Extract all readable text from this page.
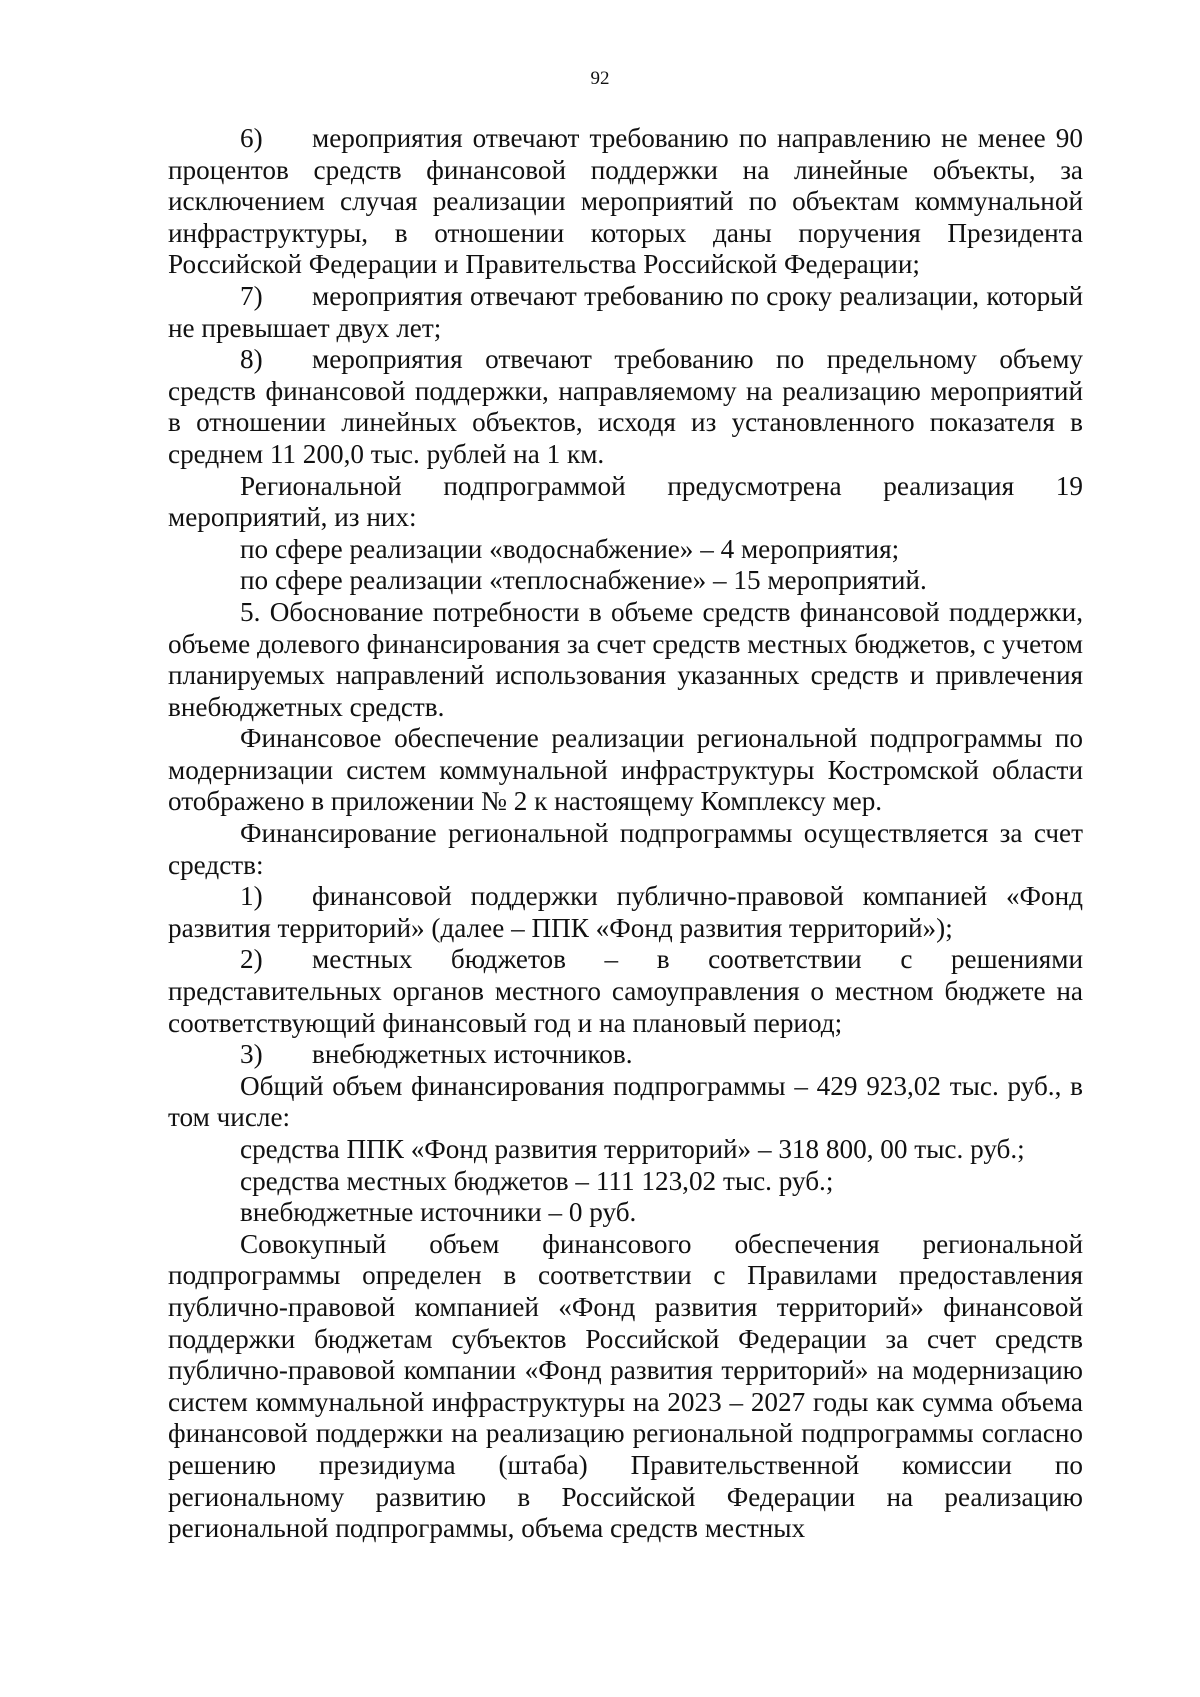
92

6) мероприятия отвечают требованию по направлению не менее 90 процентов средств финансовой поддержки на линейные объекты, за исключением случая реализации мероприятий по объектам коммунальной инфраструктуры, в отношении которых даны поручения Президента Российской Федерации и Правительства Российской Федерации;

7) мероприятия отвечают требованию по сроку реализации, который не превышает двух лет;

8) мероприятия отвечают требованию по предельному объему средств финансовой поддержки, направляемому на реализацию мероприятий в отношении линейных объектов, исходя из установленного показателя в среднем 11 200,0 тыс. рублей на 1 км.

Региональной подпрограммой предусмотрена реализация 19 мероприятий, из них:

по сфере реализации «водоснабжение» – 4 мероприятия;

по сфере реализации «теплоснабжение» – 15 мероприятий.

5. Обоснование потребности в объеме средств финансовой поддержки, объеме долевого финансирования за счет средств местных бюджетов, с учетом планируемых направлений использования указанных средств и привлечения внебюджетных средств.

Финансовое обеспечение реализации региональной подпрограммы по модернизации систем коммунальной инфраструктуры Костромской области отображено в приложении № 2 к настоящему Комплексу мер.

Финансирование региональной подпрограммы осуществляется за счет средств:

1) финансовой поддержки публично-правовой компанией «Фонд развития территорий» (далее – ППК «Фонд развития территорий»);

2) местных бюджетов – в соответствии с решениями представительных органов местного самоуправления о местном бюджете на соответствующий финансовый год и на плановый период;

3) внебюджетных источников.

Общий объем финансирования подпрограммы – 429 923,02 тыс. руб., в том числе:

средства ППК «Фонд развития территорий» – 318 800, 00 тыс. руб.;

средства местных бюджетов – 111 123,02 тыс. руб.;

внебюджетные источники – 0 руб.

Совокупный объем финансового обеспечения региональной подпрограммы определен в соответствии с Правилами предоставления публично-правовой компанией «Фонд развития территорий» финансовой поддержки бюджетам субъектов Российской Федерации за счет средств публично-правовой компании «Фонд развития территорий» на модернизацию систем коммунальной инфраструктуры на 2023 – 2027 годы как сумма объема финансовой поддержки на реализацию региональной подпрограммы согласно решению президиума (штаба) Правительственной комиссии по региональному развитию в Российской Федерации на реализацию региональной подпрограммы, объема средств местных
